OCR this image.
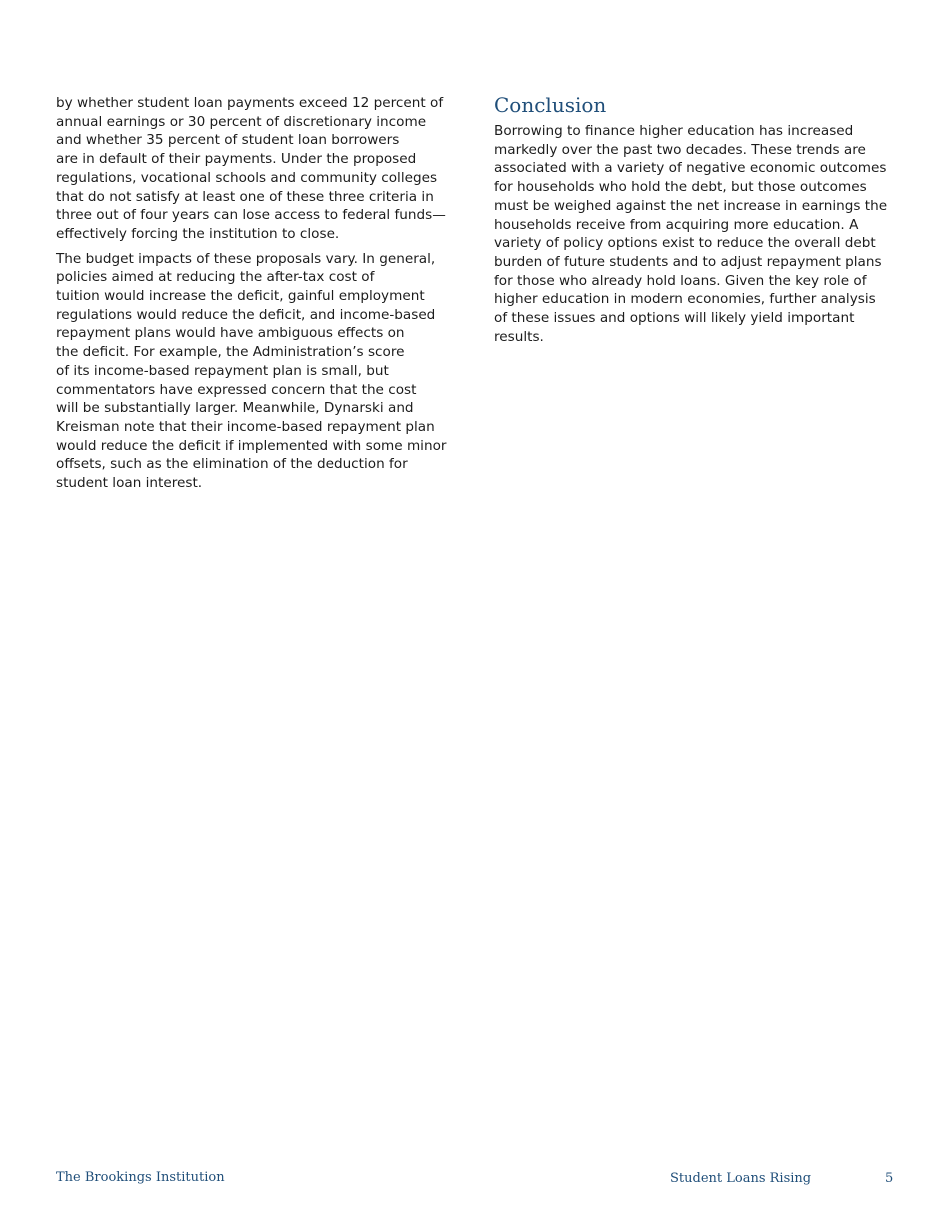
by whether student loan payments exceed 12 percent of
annual earnings or 30 percent of discretionary income
and whether 35 percent of student loan borrowers
are in default of their payments. Under the proposed
regulations, vocational schools and community colleges
that do not satisfy at least one of these three criteria in
three out of four years can lose access to federal funds—
effectively forcing the institution to close.

The budget impacts of these proposals vary. In general,
policies aimed at reducing the after-tax cost of
tuition would increase the deficit, gainful employment
regulations would reduce the deficit, and income-based
repayment plans would have ambiguous effects on
the deficit. For example, the Administration’s score
of its income-based repayment plan is small, but
commentators have expressed concern that the cost
will be substantially larger. Meanwhile, Dynarski and
Kreisman note that their income-based repayment plan
would reduce the deficit if implemented with some minor
offsets, such as the elimination of the deduction for
student loan interest.

Conclusion

Borrowing to finance higher education has increased
markedly over the past two decades. These trends are
associated with a variety of negative economic outcomes
for households who hold the debt, but those outcomes
must be weighed against the net increase in earnings the
households receive from acquiring more education. A
variety of policy options exist to reduce the overall debt
burden of future students and to adjust repayment plans
for those who already hold loans. Given the key role of
higher education in modern economies, further analysis
of these issues and options will likely yield important
results.

The Brookings Institution	Student Loans Rising	5
